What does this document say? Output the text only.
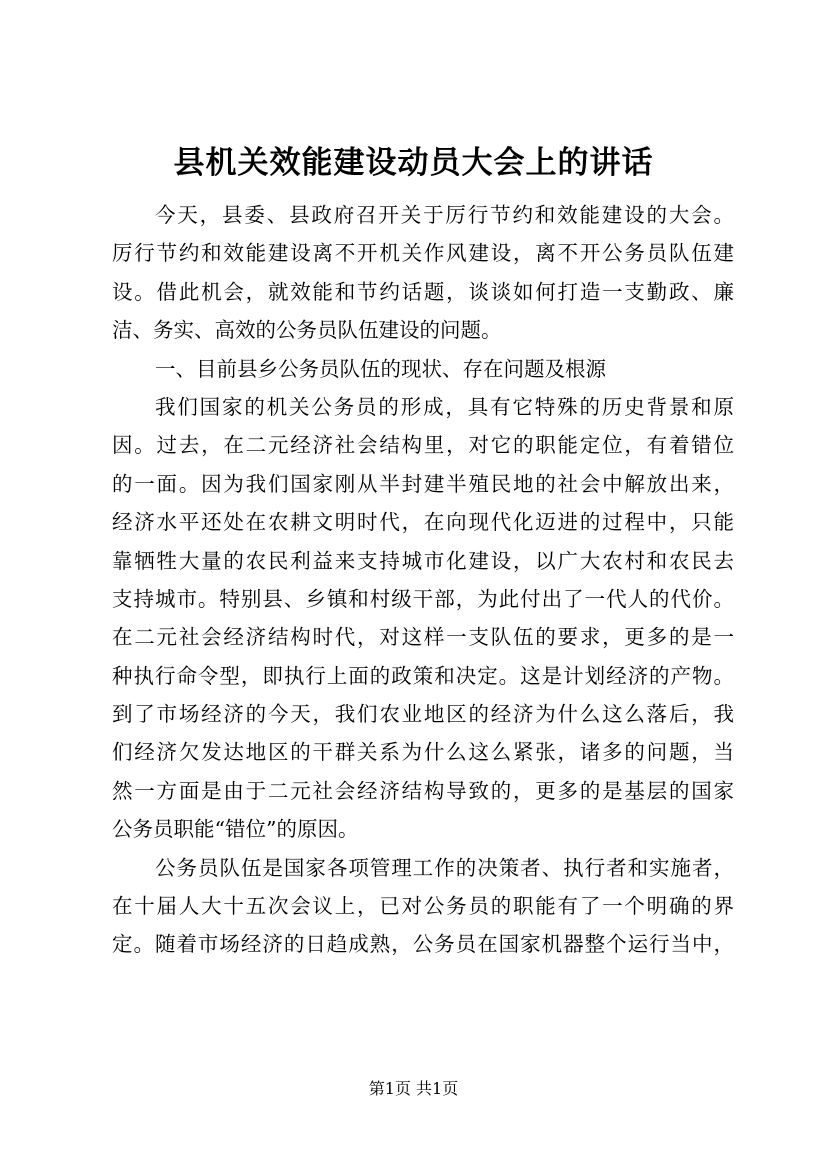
县机关效能建设动员大会上的讲话
今天，县委、县政府召开关于厉行节约和效能建设的大会。
厉行节约和效能建设离不开机关作风建设，离不开公务员队伍建
设。借此机会，就效能和节约话题，谈谈如何打造一支勤政、廉
洁、务实、高效的公务员队伍建设的问题。
一、目前县乡公务员队伍的现状、存在问题及根源
我们国家的机关公务员的形成，具有它特殊的历史背景和原
因。过去，在二元经济社会结构里，对它的职能定位，有着错位
的一面。因为我们国家刚从半封建半殖民地的社会中解放出来，
经济水平还处在农耕文明时代，在向现代化迈进的过程中，只能
靠牺牲大量的农民利益来支持城市化建设，以广大农村和农民去
支持城市。特别县、乡镇和村级干部，为此付出了一代人的代价。
在二元社会经济结构时代，对这样一支队伍的要求，更多的是一
种执行命令型，即执行上面的政策和决定。这是计划经济的产物。
到了市场经济的今天，我们农业地区的经济为什么这么落后，我
们经济欠发达地区的干群关系为什么这么紧张，诸多的问题，当
然一方面是由于二元社会经济结构导致的，更多的是基层的国家
公务员职能“错位”的原因。
公务员队伍是国家各项管理工作的决策者、执行者和实施者，
在十届人大十五次会议上，已对公务员的职能有了一个明确的界
定。随着市场经济的日趋成熟，公务员在国家机器整个运行当中，
第1页 共1页
